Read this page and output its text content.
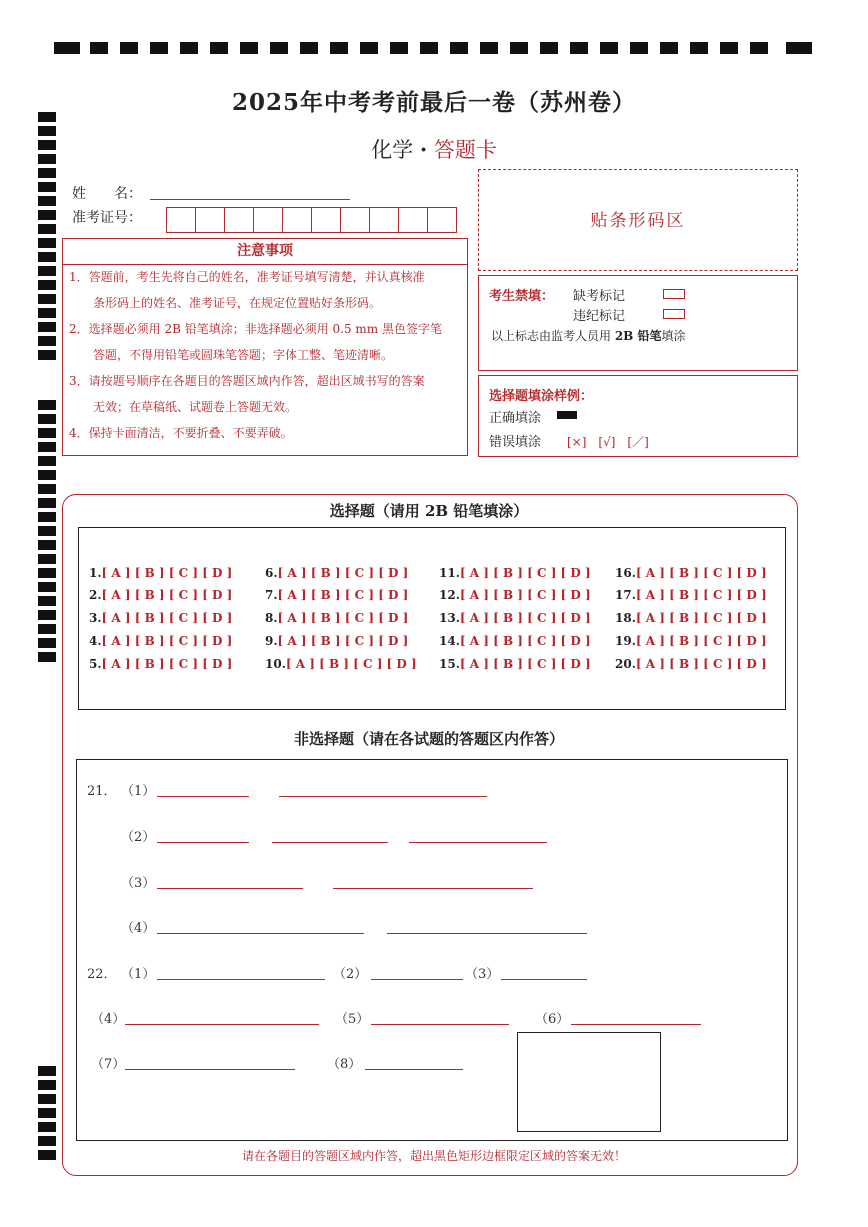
2025年中考考前最后一卷（苏州卷）
化学 · 答题卡
姓　　名：
准考证号：
注意事项

1．答题前，考生先将自己的姓名，准考证号填写清楚，并认真核准

　　条形码上的姓名、准考证号，在规定位置贴好条形码。

2．选择题必须用 2B 铅笔填涂；非选择题必须用 0.5 mm 黑色签字笔

　　答题，不得用铅笔或圆珠笔答题；字体工整、笔迹清晰。

3．请按题号顺序在各题目的答题区域内作答，超出区域书写的答案

　　无效；在草稿纸、试题卷上答题无效。

4．保持卡面清洁，不要折叠、不要弄破。

贴条形码区
考生禁填： 缺考标记
违纪标记
以上标志由监考人员用 2B 铅笔填涂
选择题填涂样例：
正确填涂
错误填涂 [×]　[√]　[／]
选择题（请用 2B 铅笔填涂）
1.[ A ] [ B ] [ C ] [ D ]
2.[ A ] [ B ] [ C ] [ D ]
3.[ A ] [ B ] [ C ] [ D ]
4.[ A ] [ B ] [ C ] [ D ]
5.[ A ] [ B ] [ C ] [ D ]
6.[ A ] [ B ] [ C ] [ D ]
7.[ A ] [ B ] [ C ] [ D ]
8.[ A ] [ B ] [ C ] [ D ]
9.[ A ] [ B ] [ C ] [ D ]
10.[ A ] [ B ] [ C ] [ D ]
11.[ A ] [ B ] [ C ] [ D ]
12.[ A ] [ B ] [ C ] [ D ]
13.[ A ] [ B ] [ C ] [ D ]
14.[ A ] [ B ] [ C ] [ D ]
15.[ A ] [ B ] [ C ] [ D ]
16.[ A ] [ B ] [ C ] [ D ]
17.[ A ] [ B ] [ C ] [ D ]
18.[ A ] [ B ] [ C ] [ D ]
19.[ A ] [ B ] [ C ] [ D ]
20.[ A ] [ B ] [ C ] [ D ]
非选择题（请在各试题的答题区内作答）
21． （1）
（2）
（3）
（4）
22． （1）	（2）	（3）
（4）	（5）	（6）
（7）	（8）
请在各题目的答题区域内作答，超出黑色矩形边框限定区域的答案无效！
